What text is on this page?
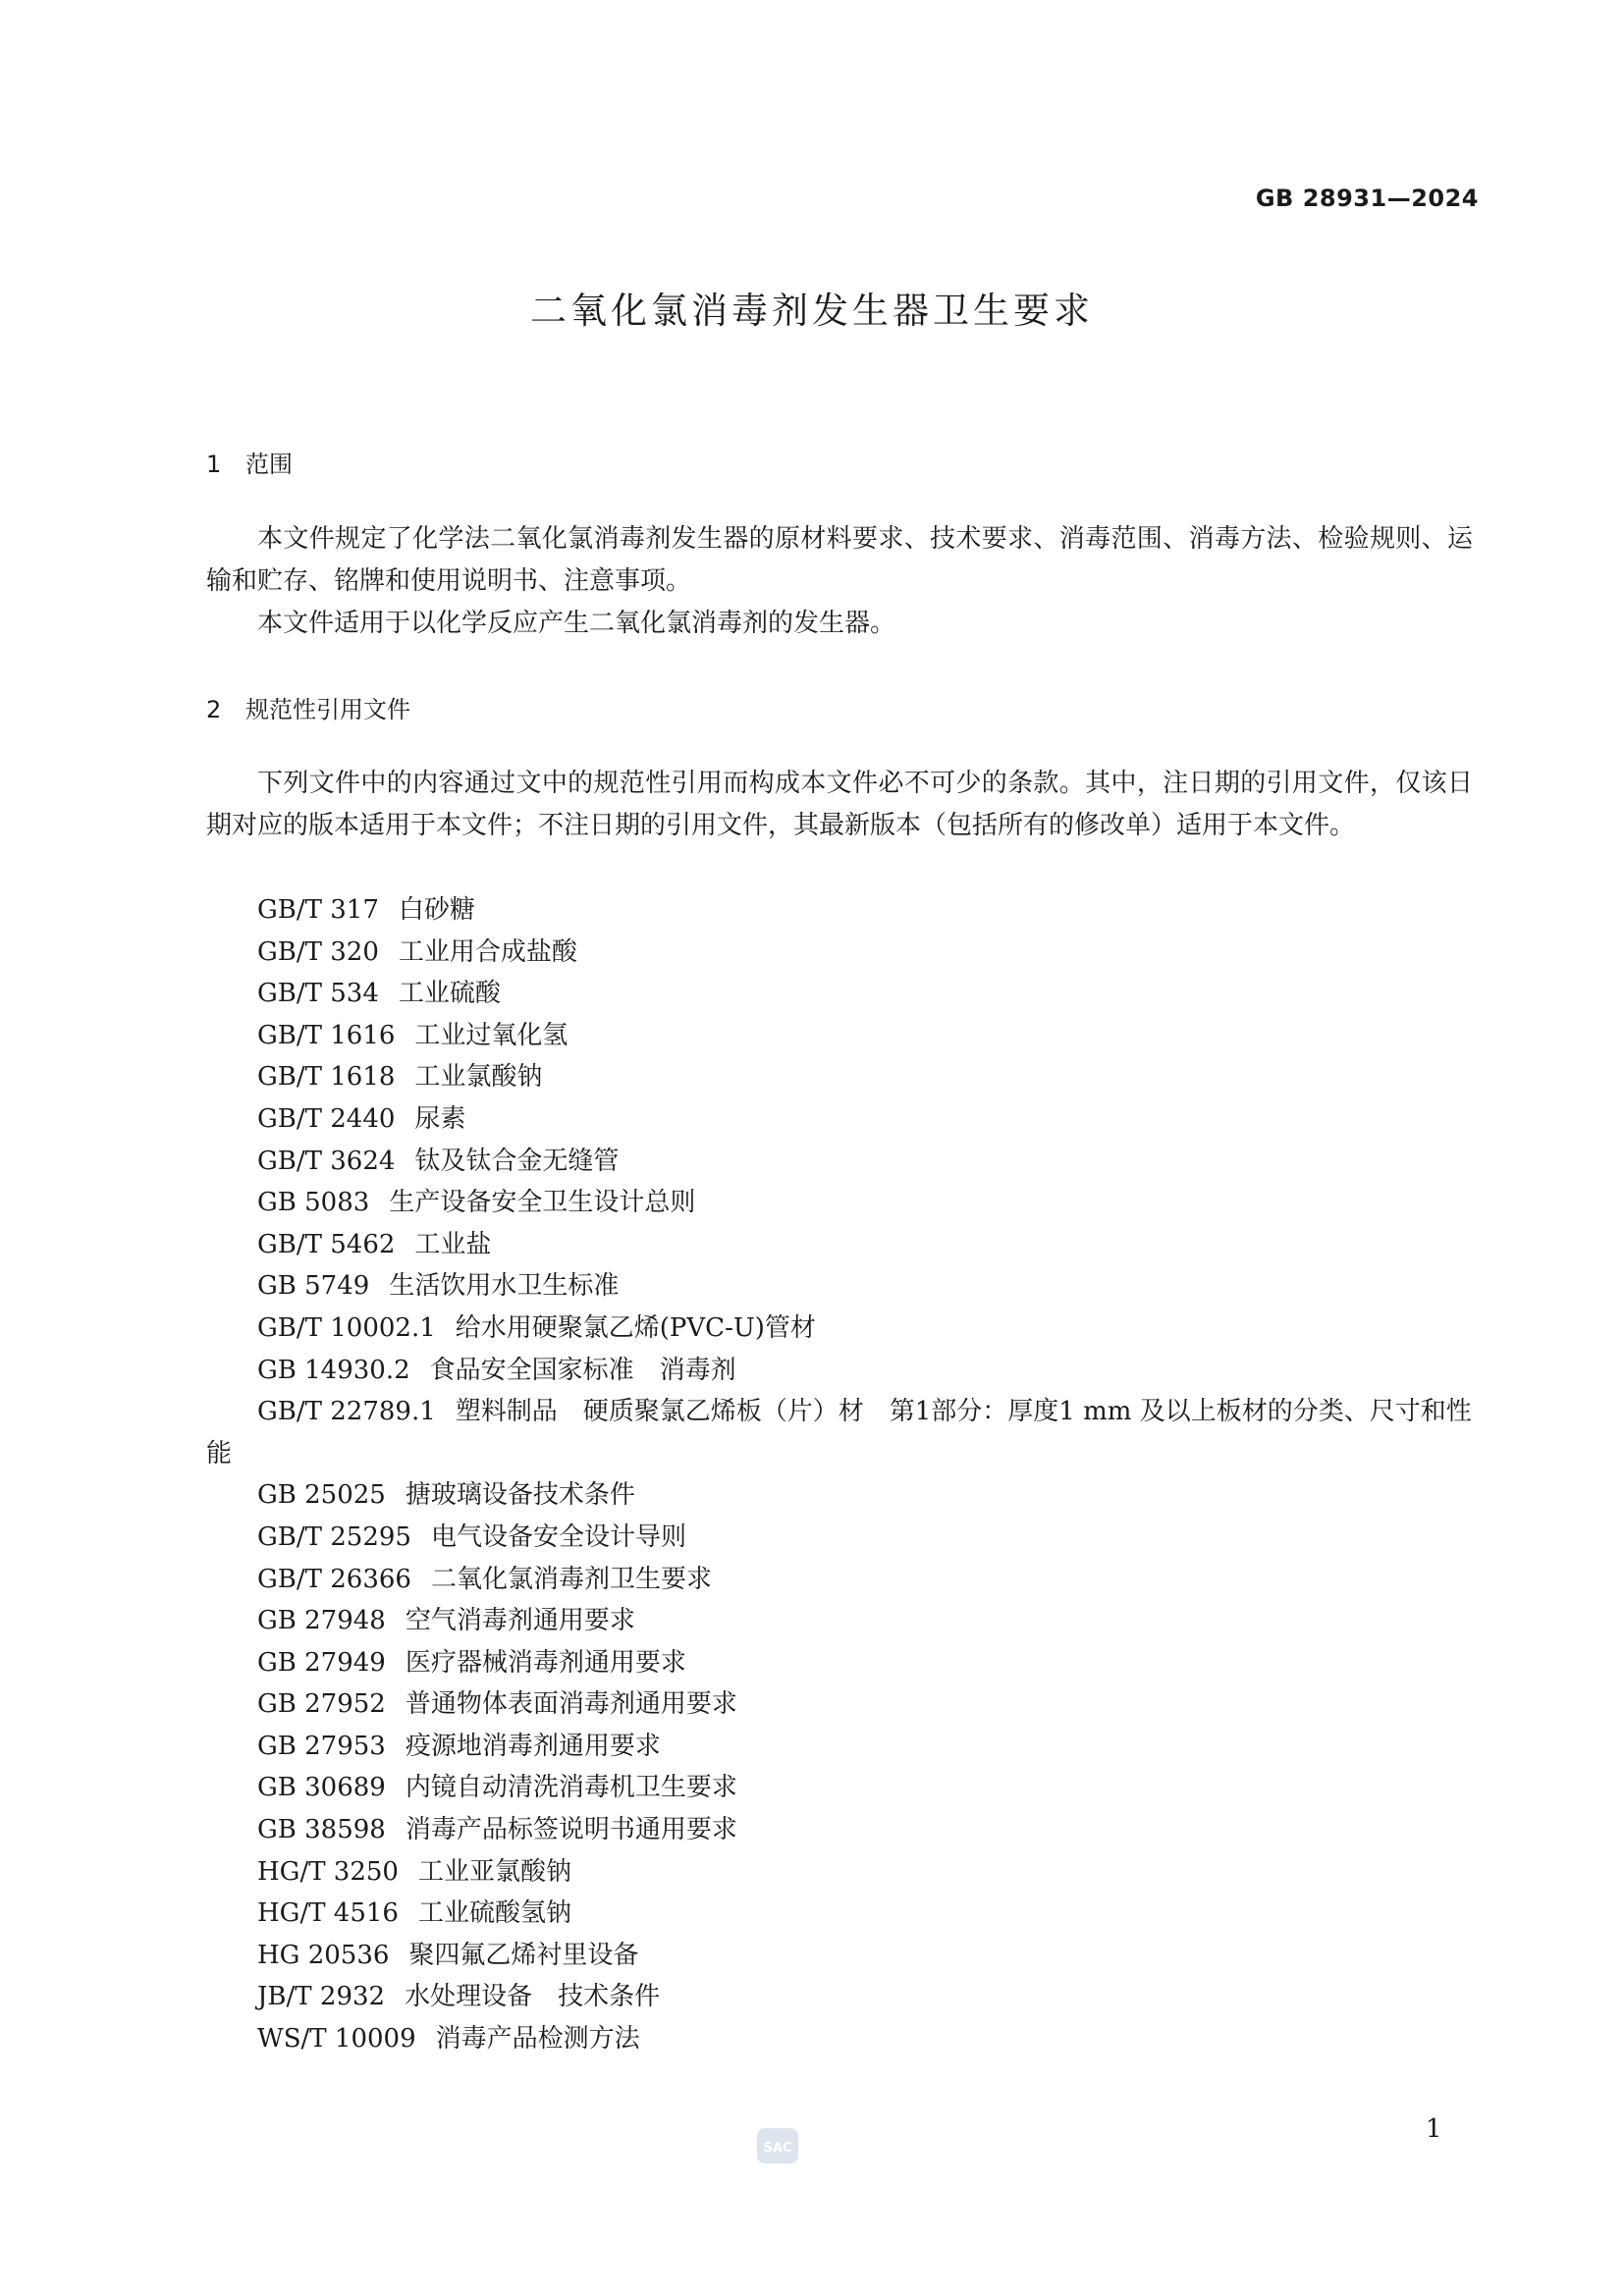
GB 28931—2024
二氧化氯消毒剂发生器卫生要求
1 范围

本文件规定了化学法二氧化氯消毒剂发生器的原材料要求、技术要求、消毒范围、消毒方法、检验规则、运输和贮存、铭牌和使用说明书、注意事项。

本文件适用于以化学反应产生二氧化氯消毒剂的发生器。

2 规范性引用文件

下列文件中的内容通过文中的规范性引用而构成本文件必不可少的条款。其中，注日期的引用文件，仅该日期对应的版本适用于本文件；不注日期的引用文件，其最新版本（包括所有的修改单）适用于本文件。

GB/T 317 白砂糖
GB/T 320 工业用合成盐酸
GB/T 534 工业硫酸
GB/T 1616 工业过氧化氢
GB/T 1618 工业氯酸钠
GB/T 2440 尿素
GB/T 3624 钛及钛合金无缝管
GB 5083 生产设备安全卫生设计总则
GB/T 5462 工业盐
GB 5749 生活饮用水卫生标准
GB/T 10002.1 给水用硬聚氯乙烯(PVC-U)管材
GB 14930.2 食品安全国家标准　消毒剂
GB/T 22789.1 塑料制品　硬质聚氯乙烯板（片）材　第1部分：厚度1 mm 及以上板材的分类、尺寸和性能
GB 25025 搪玻璃设备技术条件
GB/T 25295 电气设备安全设计导则
GB/T 26366 二氧化氯消毒剂卫生要求
GB 27948 空气消毒剂通用要求
GB 27949 医疗器械消毒剂通用要求
GB 27952 普通物体表面消毒剂通用要求
GB 27953 疫源地消毒剂通用要求
GB 30689 内镜自动清洗消毒机卫生要求
GB 38598 消毒产品标签说明书通用要求
HG/T 3250 工业亚氯酸钠
HG/T 4516 工业硫酸氢钠
HG 20536 聚四氟乙烯衬里设备
JB/T 2932 水处理设备　技术条件
WS/T 10009 消毒产品检测方法
SAC
1
